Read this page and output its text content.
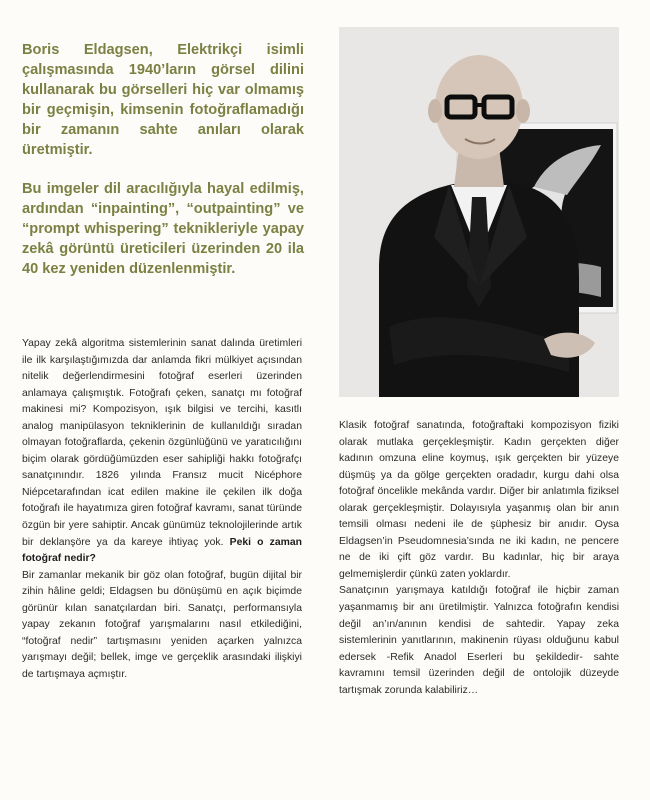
Boris Eldagsen, Elektrikçi isimli çalışmasında 1940’ların görsel dilini kullanarak bu görselleri hiç var olmamış bir geçmişin, kimsenin fotoğraflamadığı bir zamanın sahte anıları olarak üretmiştir.

Bu imgeler dil aracılığıyla hayal edilmiş, ardından “inpainting”, “outpainting” ve “prompt whispering” teknikleriyle yapay zekâ görüntü üreticileri üzerinden 20 ila 40 kez yeniden düzenlenmiştir.

Yapay zekâ algoritma sistemlerinin sanat dalında üretimleri ile ilk karşılaştığımızda dar anlamda fikri mülkiyet açısından nitelik değerlendirmesini fotoğraf eserleri üzerinden anlamaya çalışmıştık. Fotoğrafı çeken, sanatçı mı fotoğraf makinesi mi? Kompozisyon, ışık bilgisi ve tercihi, kasıtlı analog manipülasyon tekniklerinin de kullanıldığı sıradan olmayan fotoğraflarda, çekenin özgünlüğünü ve yaratıcılığını biçim olarak gördüğümüzden eser sahipliği hakkı fotoğrafçı sanatçınındır. 1826 yılında Fransız mucit Nicéphore Niépcetarafından icat edilen makine ile çekilen ilk doğa fotoğrafı ile hayatımıza giren fotoğraf kavramı, sanat türünde özgün bir yere sahiptir. Ancak günümüz teknolojilerinde artık bir deklanşöre ya da kareye ihtiyaç yok. Peki o zaman fotoğraf nedir?

Bir zamanlar mekanik bir göz olan fotoğraf, bugün dijital bir zihin hâline geldi; Eldagsen bu dönüşümü en açık biçimde görünür kılan sanatçılardan biri. Sanatçı, performansıyla yapay zekanın fotoğraf yarışmalarını nasıl etkilediğini, “fotoğraf nedir” tartışmasını yeniden açarken yalnızca yarışmayı değil; bellek, imge ve gerçeklik arasındaki ilişkiyi de tartışmaya açmıştır.

Klasik fotoğraf sanatında, fotoğraftaki kompozisyon fiziki olarak mutlaka gerçekleşmiştir. Kadın gerçekten diğer kadının omzuna eline koymuş, ışık gerçekten bir yüzeye düşmüş ya da gölge gerçekten oradadır, kurgu dahi olsa fotoğraf öncelikle mekânda vardır. Diğer bir anlatımla fiziksel olarak gerçekleşmiştir. Dolayısıyla yaşanmış olan bir anın temsili olması nedeni ile de şüphesiz bir anıdır. Oysa Eldagsen’in Pseudomnesia’sında ne iki kadın, ne pencere ne de iki çift göz vardır. Bu kadınlar, hiç bir araya gelmemişlerdir çünkü zaten yoklardır.

Sanatçının yarışmaya katıldığı fotoğraf ile hiçbir zaman yaşanmamış bir anı üretilmiştir. Yalnızca fotoğrafın kendisi değil an’ın/anının kendisi de sahtedir. Yapay zeka sistemlerinin yanıtlarının, makinenin rüyası olduğunu kabul edersek -Refik Anadol Eserleri bu şekildedir- sahte kavramını temsil üzerinden değil de ontolojik düzeyde tartışmak zorunda kalabiliriz…
